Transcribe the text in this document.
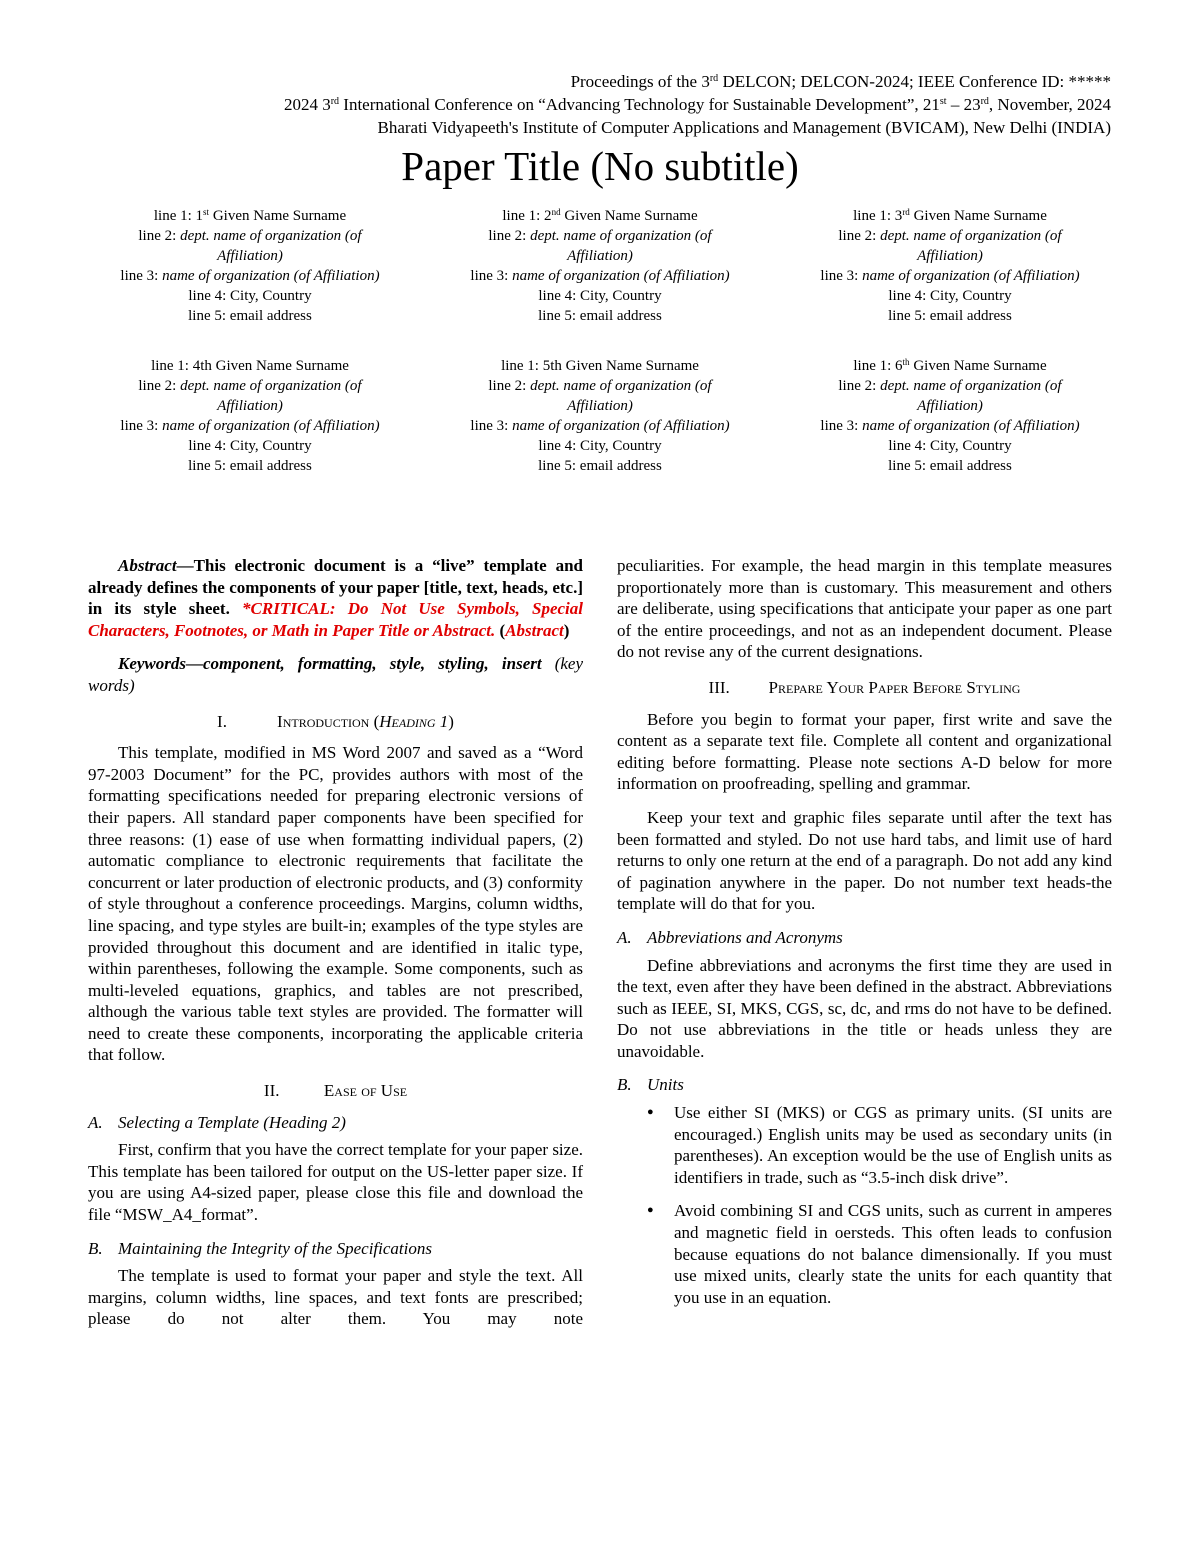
Proceedings of the 3rd DELCON; DELCON-2024; IEEE Conference ID: *****
2024 3rd International Conference on “Advancing Technology for Sustainable Development”, 21st – 23rd, November, 2024
Bharati Vidyapeeth's Institute of Computer Applications and Management (BVICAM), New Delhi (INDIA)
Paper Title (No subtitle)
line 1: 1st Given Name Surname
line 2: dept. name of organization (of Affiliation)
line 3: name of organization (of Affiliation)
line 4: City, Country
line 5: email address
line 1: 2nd Given Name Surname
line 2: dept. name of organization (of Affiliation)
line 3: name of organization (of Affiliation)
line 4: City, Country
line 5: email address
line 1: 3rd Given Name Surname
line 2: dept. name of organization (of Affiliation)
line 3: name of organization (of Affiliation)
line 4: City, Country
line 5: email address
line 1: 4th Given Name Surname
line 2: dept. name of organization (of Affiliation)
line 3: name of organization (of Affiliation)
line 4: City, Country
line 5: email address
line 1: 5th Given Name Surname
line 2: dept. name of organization (of Affiliation)
line 3: name of organization (of Affiliation)
line 4: City, Country
line 5: email address
line 1: 6th Given Name Surname
line 2: dept. name of organization (of Affiliation)
line 3: name of organization (of Affiliation)
line 4: City, Country
line 5: email address

Abstract—This electronic document is a “live” template and already defines the components of your paper [title, text, heads, etc.] in its style sheet. *CRITICAL: Do Not Use Symbols, Special Characters, Footnotes, or Math in Paper Title or Abstract. (Abstract)

Keywords—component, formatting, style, styling, insert (key words)

I.	Introduction (Heading 1)

This template, modified in MS Word 2007 and saved as a “Word 97-2003 Document” for the PC, provides authors with most of the formatting specifications needed for preparing electronic versions of their papers. All standard paper components have been specified for three reasons: (1) ease of use when formatting individual papers, (2) automatic compliance to electronic requirements that facilitate the concurrent or later production of electronic products, and (3) conformity of style throughout a conference proceedings. Margins, column widths, line spacing, and type styles are built-in; examples of the type styles are provided throughout this document and are identified in italic type, within parentheses, following the example. Some components, such as multi-leveled equations, graphics, and tables are not prescribed, although the various table text styles are provided. The formatter will need to create these components, incorporating the applicable criteria that follow.

II.	Ease of Use
A. Selecting a Template (Heading 2)

First, confirm that you have the correct template for your paper size. This template has been tailored for output on the US-letter paper size. If you are using A4-sized paper, please close this file and download the file “MSW_A4_format”.

B. Maintaining the Integrity of the Specifications

The template is used to format your paper and style the text. All margins, column widths, line spaces, and text fonts are prescribed; please do not alter them. You may note

peculiarities. For example, the head margin in this template measures proportionately more than is customary. This measurement and others are deliberate, using specifications that anticipate your paper as one part of the entire proceedings, and not as an independent document. Please do not revise any of the current designations.

III. Prepare Your Paper Before Styling

Before you begin to format your paper, first write and save the content as a separate text file. Complete all content and organizational editing before formatting. Please note sections A-D below for more information on proofreading, spelling and grammar.

Keep your text and graphic files separate until after the text has been formatted and styled. Do not use hard tabs, and limit use of hard returns to only one return at the end of a paragraph. Do not add any kind of pagination anywhere in the paper. Do not number text heads-the template will do that for you.

A. Abbreviations and Acronyms

Define abbreviations and acronyms the first time they are used in the text, even after they have been defined in the abstract. Abbreviations such as IEEE, SI, MKS, CGS, sc, dc, and rms do not have to be defined. Do not use abbreviations in the title or heads unless they are unavoidable.

B. Units
● Use either SI (MKS) or CGS as primary units. (SI units are encouraged.) English units may be used as secondary units (in parentheses). An exception would be the use of English units as identifiers in trade, such as “3.5-inch disk drive”.
● Avoid combining SI and CGS units, such as current in amperes and magnetic field in oersteds. This often leads to confusion because equations do not balance dimensionally. If you must use mixed units, clearly state the units for each quantity that you use in an equation.
